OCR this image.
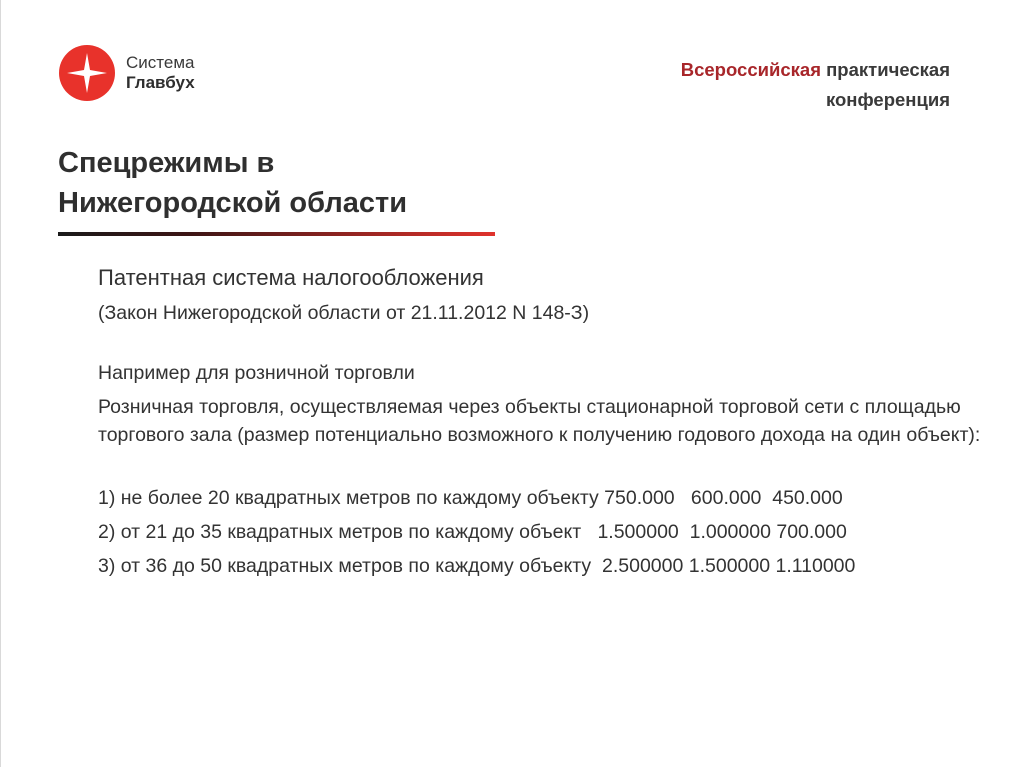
Система
Главбух
Всероссийская практическая
конференция
Спецрежимы в
Нижегородской области

Патентная система налогообложения

(Закон Нижегородской области от 21.11.2012 N 148-З)

Например для розничной торговли

Розничная торговля, осуществляемая через объекты стационарной торговой сети с площадью торгового зала (размер потенциально возможного к получению годового дохода на один объект):

1) не более 20 квадратных метров по каждому объекту 750.000   600.000  450.000
2) от 21 до 35 квадратных метров по каждому объект   1.500000  1.000000 700.000
3) от 36 до 50 квадратных метров по каждому объекту  2.500000 1.500000 1.110000
